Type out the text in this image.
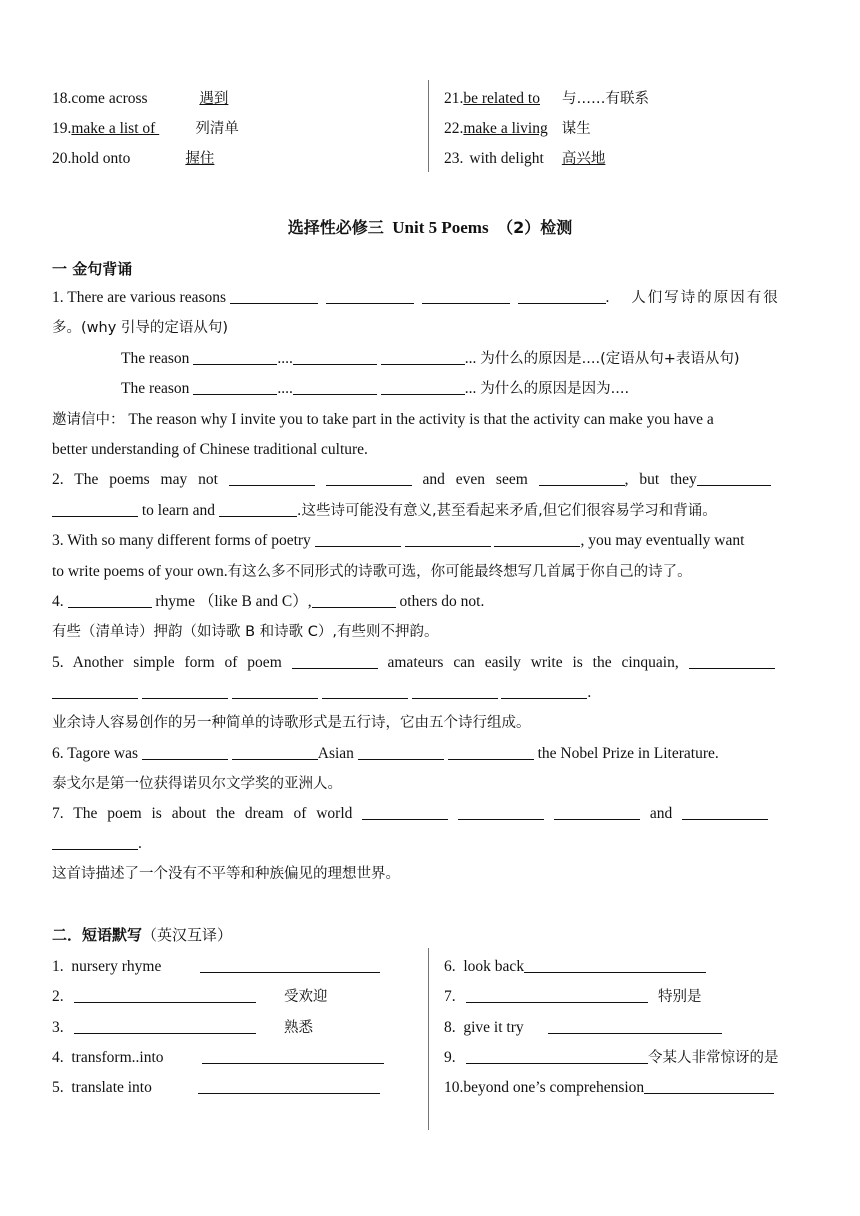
18.come across	遇到
19.make a list of 列清单
20.hold onto	握住
21.be related to 与……有联系
22.make a living 谋生
23. with delight 高兴地
选择性必修三 Unit 5 Poems （2）检测
一 金句背诵
1. There are various reasons	. 人们写诗的原因有很
多。(why 引导的定语从句)
The reason	....	... 为什么的原因是....(定语从句+表语从句)
The reason	....	... 为什么的原因是因为....
邀请信中： The reason why I invite you to take part in the activity is that the activity can make you have a
better understanding of Chinese traditional culture.
2. The poems may not	and even seem	, but they
to learn and	.这些诗可能没有意义,甚至看起来矛盾,但它们很容易学习和背诵。
3. With so many different forms of poetry	, you may eventually want
to write poems of your own.有这么多不同形式的诗歌可选，你可能最终想写几首属于你自己的诗了。
4.	rhyme （like B and C）,	others do not.
有些（清单诗）押韵（如诗歌 B 和诗歌 C）,有些则不押韵。
5. Another simple form of poem	amateurs can easily write is the cinquain,
.
业余诗人容易创作的另一种简单的诗歌形式是五行诗，它由五个诗行组成。
6. Tagore was	Asian	the Nobel Prize in Literature.
泰戈尔是第一位获得诺贝尔文学奖的亚洲人。
7. The poem is about the dream of world	and
.
这首诗描述了一个没有不平等和种族偏见的理想世界。
二．短语默写（英汉互译）
1.  nursery rhyme
2.	受欢迎
3.	熟悉
4.  transform..into
5.  translate into
6.  look back
7.	特别是
8.  give it try
9.	令某人非常惊讶的是
10.beyond one’s comprehension
